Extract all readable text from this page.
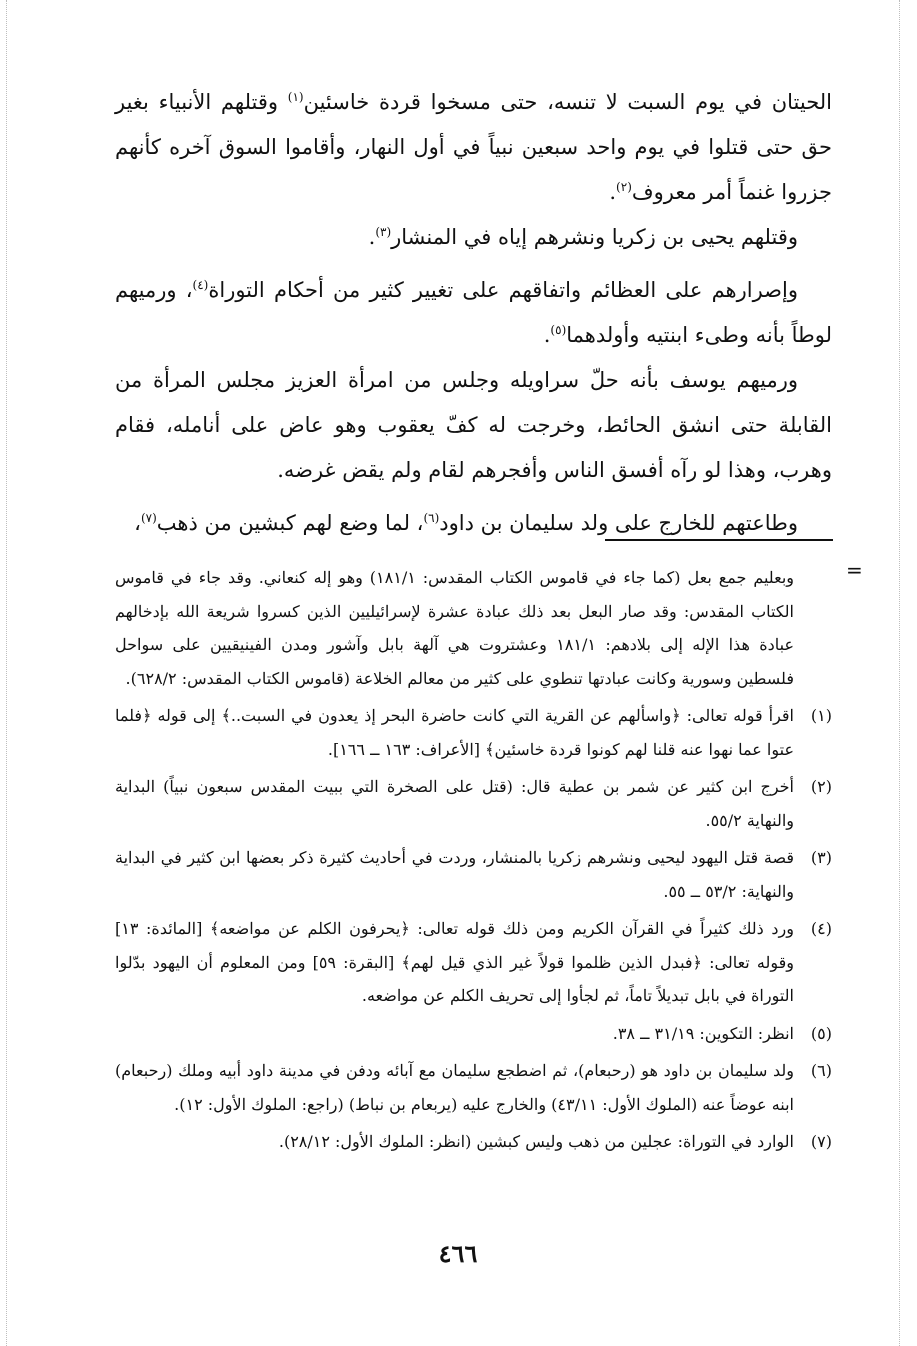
الحيتان في يوم السبت لا تنسه، حتى مسخوا قردة خاسئين$^{(١)}$ وقتلهم الأنبياء بغير حق حتى قتلوا في يوم واحد سبعين نبياً في أول النهار، وأقاموا السوق آخره كأنهم جزروا غنماً أمر معروف$^{(٢)}$.

وقتلهم يحيى بن زكريا ونشرهم إياه في المنشار$^{(٣)}$.

وإصرارهم على العظائم واتفاقهم على تغيير كثير من أحكام التوراة$^{(٤)}$، ورميهم لوطاً بأنه وطىء ابنتيه وأولدهما$^{(٥)}$.

ورميهم يوسف بأنه حلّ سراويله وجلس من امرأة العزيز مجلس المرأة من القابلة حتى انشق الحائط، وخرجت له كفّ يعقوب وهو عاض على أنامله، فقام وهرب، وهذا لو رآه أفسق الناس وأفجرهم لقام ولم يقض غرضه.

وطاعتهم للخارج على ولد سليمان بن داود$^{(٦)}$، لما وضع لهم كبشين من ذهب$^{(٧)}$،

=

وبعليم جمع بعل (كما جاء في قاموس الكتاب المقدس: ١٨١/١) وهو إله كنعاني. وقد جاء في قاموس الكتاب المقدس: وقد صار البعل بعد ذلك عبادة عشرة لإسرائيليين الذين كسروا شريعة الله بإدخالهم عبادة هذا الإله إلى بلادهم: ١٨١/١ وعشتروت هي آلهة بابل وآشور ومدن الفينيقيين على سواحل فلسطين وسورية وكانت عبادتها تنطوي على كثير من معالم الخلاعة (قاموس الكتاب المقدس: ٦٢٨/٢).

(١)
اقرأ قوله تعالى: ﴿واسألهم عن القرية التي كانت حاضرة البحر إذ يعدون في السبت..﴾ إلى قوله ﴿فلما عتوا عما نهوا عنه قلنا لهم كونوا قردة خاسئين﴾ [الأعراف: ١٦٣ ــ ١٦٦].
(٢)
أخرج ابن كثير عن شمر بن عطية قال: (قتل على الصخرة التي ببيت المقدس سبعون نبياً) البداية والنهاية ٥٥/٢.
(٣)
قصة قتل اليهود ليحيى ونشرهم زكريا بالمنشار، وردت في أحاديث كثيرة ذكر بعضها ابن كثير في البداية والنهاية: ٥٣/٢ ــ ٥٥.
(٤)
ورد ذلك كثيراً في القرآن الكريم ومن ذلك قوله تعالى: ﴿يحرفون الكلم عن مواضعه﴾ [المائدة: ١٣] وقوله تعالى: ﴿فبدل الذين ظلموا قولاً غير الذي قيل لهم﴾ [البقرة: ٥٩] ومن المعلوم أن اليهود بدّلوا التوراة في بابل تبديلاً تاماً، ثم لجأوا إلى تحريف الكلم عن مواضعه.
(٥)
انظر: التكوين: ٣١/١٩ ــ ٣٨.
(٦)
ولد سليمان بن داود هو (رحبعام)، ثم اضطجع سليمان مع آبائه ودفن في مدينة داود أبيه وملك (رحبعام) ابنه عوضاً عنه (الملوك الأول: ٤٣/١١) والخارج عليه (يربعام بن نباط) (راجع: الملوك الأول: ١٢).
(٧)
الوارد في التوراة: عجلين من ذهب وليس كبشين (انظر: الملوك الأول: ٢٨/١٢).
٤٦٦
